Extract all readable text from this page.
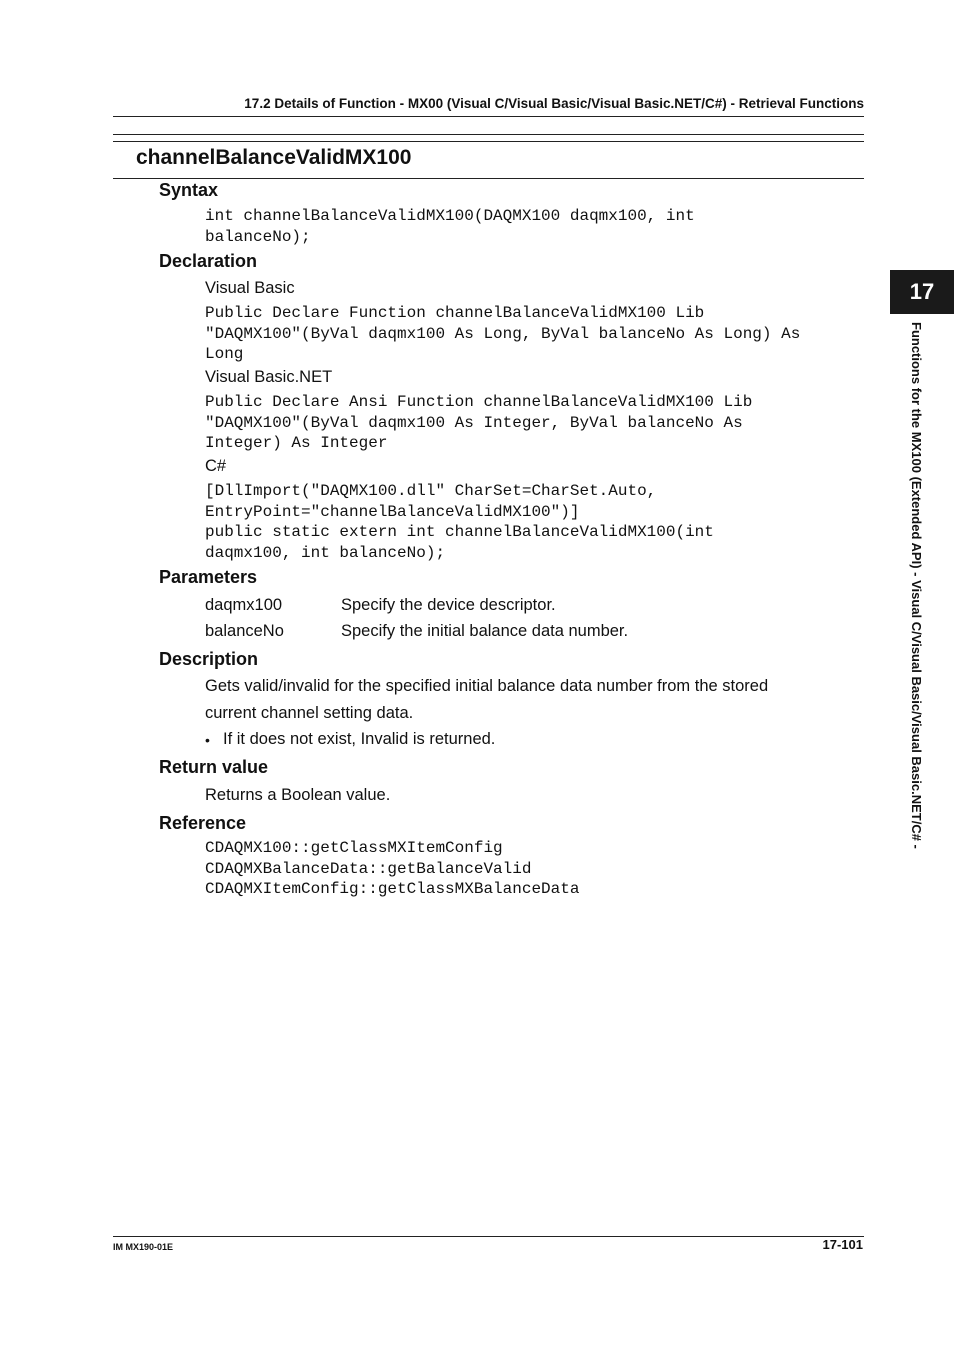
17.2 Details of Function - MX00 (Visual C/Visual Basic/Visual Basic.NET/C#) - Retrieval Functions
channelBalanceValidMX100
Syntax
int channelBalanceValidMX100(DAQMX100 daqmx100, int
balanceNo);
Declaration
Visual Basic
Public Declare Function channelBalanceValidMX100 Lib
"DAQMX100"(ByVal daqmx100 As Long, ByVal balanceNo As Long) As
Long
Visual Basic.NET
Public Declare Ansi Function channelBalanceValidMX100 Lib
"DAQMX100"(ByVal daqmx100 As Integer, ByVal balanceNo As
Integer) As Integer
C#
[DllImport("DAQMX100.dll" CharSet=CharSet.Auto,
EntryPoint="channelBalanceValidMX100")]
public static extern int channelBalanceValidMX100(int
daqmx100, int balanceNo);
Parameters
daqmx100	Specify the device descriptor.
balanceNo	Specify the initial balance data number.
Description
Gets valid/invalid for the specified initial balance data number from the stored
current channel setting data.
• If it does not exist, Invalid is returned.
Return value
Returns a Boolean value.
Reference
CDAQMX100::getClassMXItemConfig
CDAQMXBalanceData::getBalanceValid
CDAQMXItemConfig::getClassMXBalanceData
17
Functions for the MX100 (Extended API) - Visual C/Visual Basic/Visual Basic.NET/C# -
IM MX190-01E	17-101
